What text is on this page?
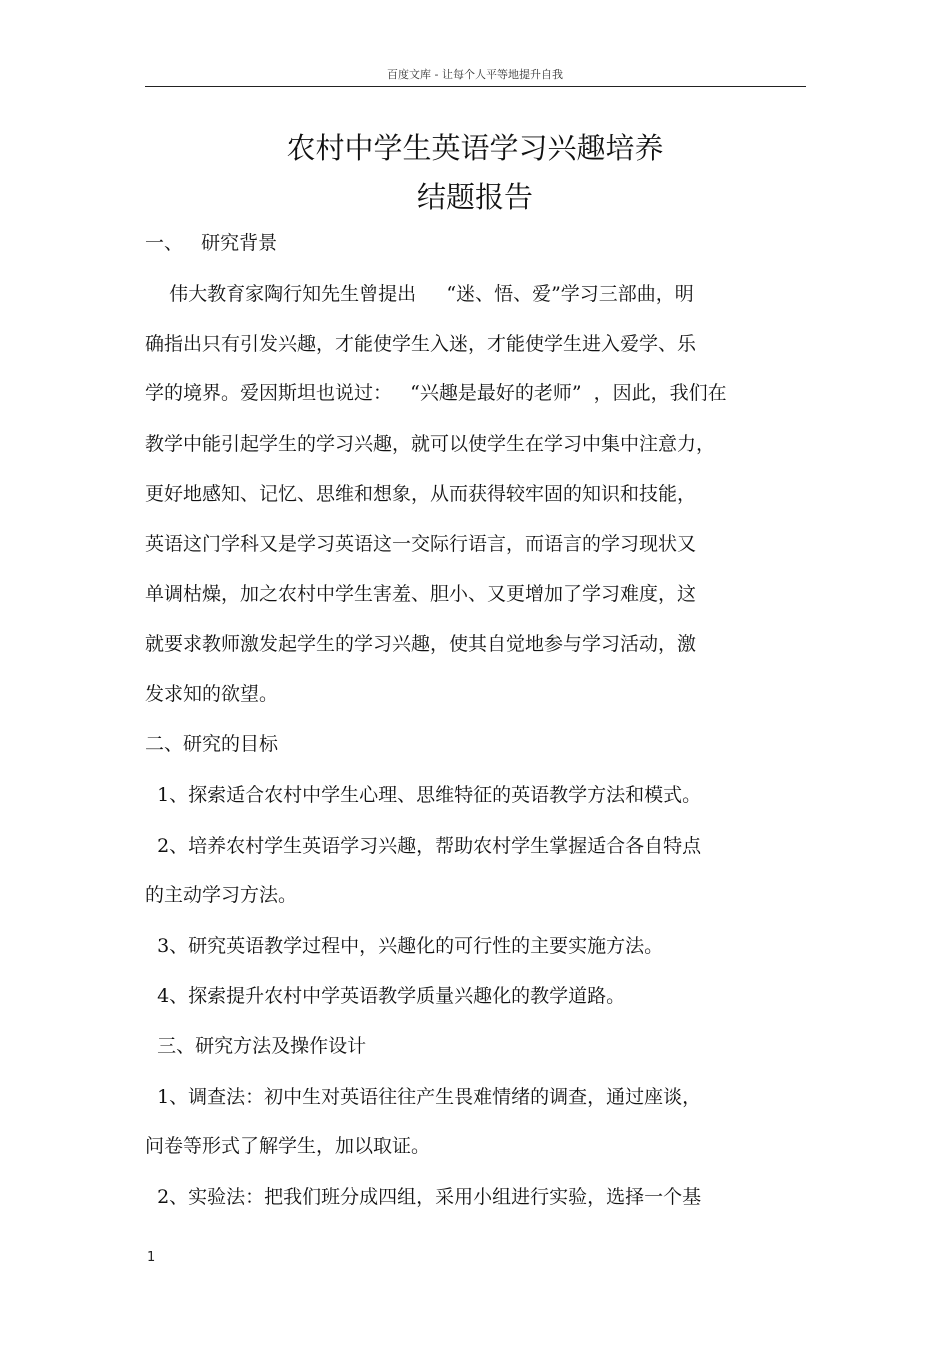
百度文库 - 让每个人平等地提升自我
农村中学生英语学习兴趣培养
结题报告
一、   研究背景
伟大教育家陶行知先生曾提出     “迷、悟、爱”学习三部曲，明
确指出只有引发兴趣，才能使学生入迷，才能使学生进入爱学、乐
学的境界。爱因斯坦也说过：   “兴趣是最好的老师”  ，因此，我们在
教学中能引起学生的学习兴趣，就可以使学生在学习中集中注意力，
更好地感知、记忆、思维和想象，从而获得较牢固的知识和技能，
英语这门学科又是学习英语这一交际行语言，而语言的学习现状又
单调枯燥，加之农村中学生害羞、胆小、又更增加了学习难度，这
就要求教师激发起学生的学习兴趣，使其自觉地参与学习活动，激
发求知的欲望。
二、研究的目标
1、探索适合农村中学生心理、思维特征的英语教学方法和模式。
2、培养农村学生英语学习兴趣，帮助农村学生掌握适合各自特点
的主动学习方法。
3、研究英语教学过程中，兴趣化的可行性的主要实施方法。
4、探索提升农村中学英语教学质量兴趣化的教学道路。
三、研究方法及操作设计
1、调查法：初中生对英语往往产生畏难情绪的调查，通过座谈，
问卷等形式了解学生，加以取证。
2、实验法：把我们班分成四组，采用小组进行实验，选择一个基
1
